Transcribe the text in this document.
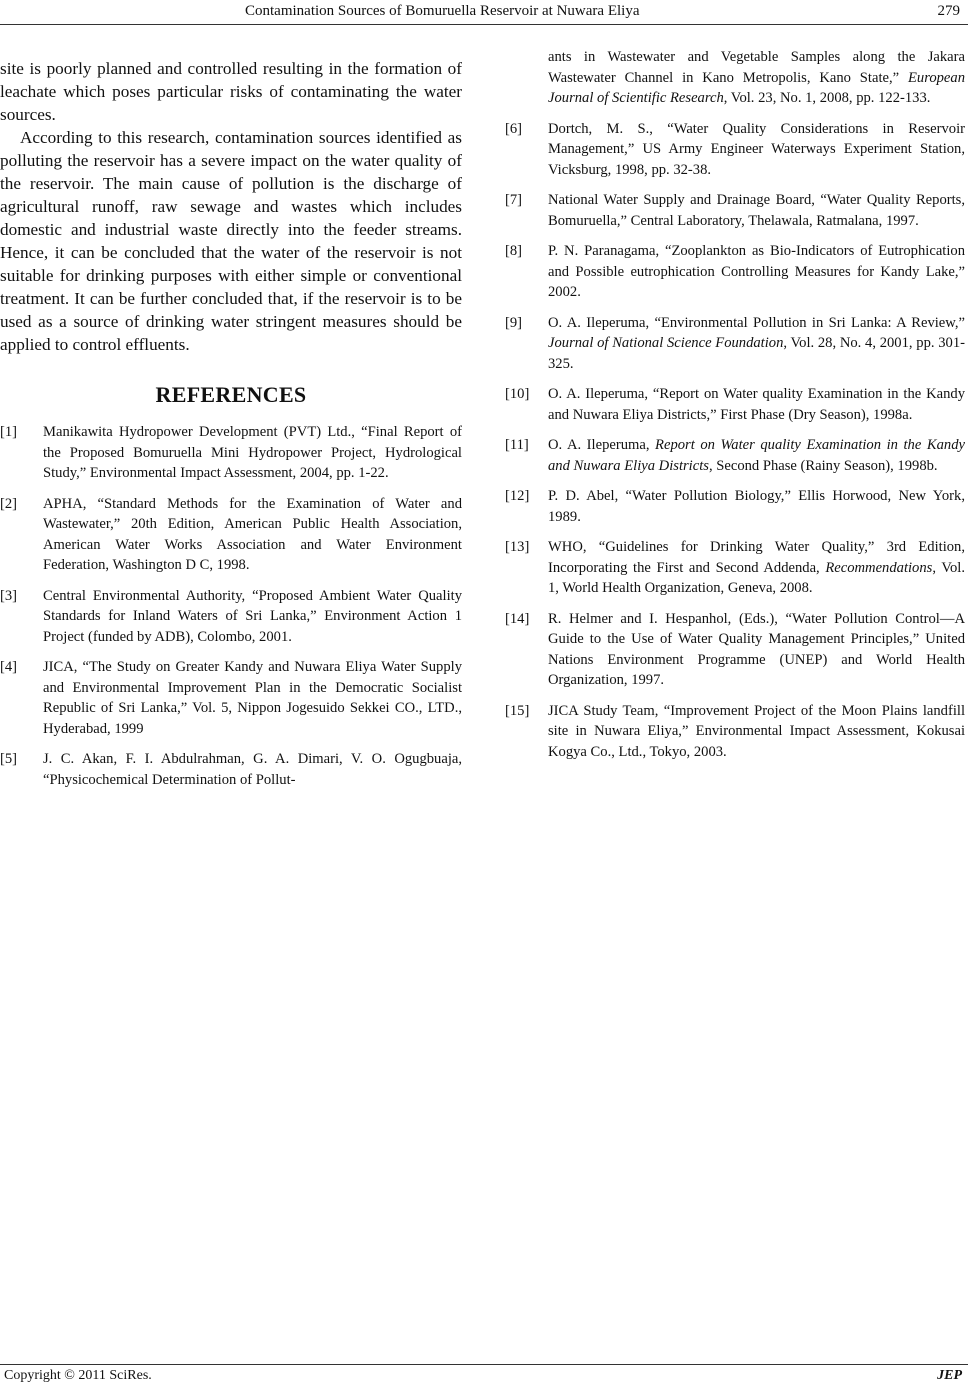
Contamination Sources of Bomuruella Reservoir at Nuwara Eliya	279

site is poorly planned and controlled resulting in the formation of leachate which poses particular risks of contaminating the water sources.

According to this research, contamination sources identified as polluting the reservoir has a severe impact on the water quality of the reservoir. The main cause of pollution is the discharge of agricultural runoff, raw sewage and wastes which includes domestic and industrial waste directly into the feeder streams. Hence, it can be concluded that the water of the reservoir is not suitable for drinking purposes with either simple or conventional treatment. It can be further concluded that, if the reservoir is to be used as a source of drinking water stringent measures should be applied to control effluents.

REFERENCES
[1]	Manikawita Hydropower Development (PVT) Ltd., “Final Report of the Proposed Bomuruella Mini Hydropower Project, Hydrological Study,” Environmental Impact Assessment, 2004, pp. 1-22.
[2]	APHA, “Standard Methods for the Examination of Water and Wastewater,” 20th Edition, American Public Health Association, American Water Works Association and Water Environment Federation, Washington D C, 1998.
[3]	Central Environmental Authority, “Proposed Ambient Water Quality Standards for Inland Waters of Sri Lanka,” Environment Action 1 Project (funded by ADB), Colombo, 2001.
[4]	JICA, “The Study on Greater Kandy and Nuwara Eliya Water Supply and Environmental Improvement Plan in the Democratic Socialist Republic of Sri Lanka,” Vol. 5, Nippon Jogesuido Sekkei CO., LTD., Hyderabad, 1999
[5]	J. C. Akan, F. I. Abdulrahman, G. A. Dimari, V. O. Ogugbuaja, “Physicochemical Determination of Pollut-
ants in Wastewater and Vegetable Samples along the Jakara Wastewater Channel in Kano Metropolis, Kano State,” European Journal of Scientific Research, Vol. 23, No. 1, 2008, pp. 122-133.
[6]	Dortch, M. S., “Water Quality Considerations in Reservoir Management,” US Army Engineer Waterways Experiment Station, Vicksburg, 1998, pp. 32-38.
[7]	National Water Supply and Drainage Board, “Water Quality Reports, Bomuruella,” Central Laboratory, Thelawala, Ratmalana, 1997.
[8]	P. N. Paranagama, “Zooplankton as Bio-Indicators of Eutrophication and Possible eutrophication Controlling Measures for Kandy Lake,” 2002.
[9]	O. A. Ileperuma, “Environmental Pollution in Sri Lanka: A Review,” Journal of National Science Foundation, Vol. 28, No. 4, 2001, pp. 301-325.
[10]	O. A. Ileperuma, “Report on Water quality Examination in the Kandy and Nuwara Eliya Districts,” First Phase (Dry Season), 1998a.
[11]	O. A. Ileperuma, Report on Water quality Examination in the Kandy and Nuwara Eliya Districts, Second Phase (Rainy Season), 1998b.
[12]	P. D. Abel, “Water Pollution Biology,” Ellis Horwood, New York, 1989.
[13]	WHO, “Guidelines for Drinking Water Quality,” 3rd Edition, Incorporating the First and Second Addenda, Recommendations, Vol. 1, World Health Organization, Geneva, 2008.
[14]	R. Helmer and I. Hespanhol, (Eds.), “Water Pollution Control—A Guide to the Use of Water Quality Management Principles,” United Nations Environment Programme (UNEP) and World Health Organization, 1997.
[15]	JICA Study Team, “Improvement Project of the Moon Plains landfill site in Nuwara Eliya,” Environmental Impact Assessment, Kokusai Kogya Co., Ltd., Tokyo, 2003.
Copyright © 2011 SciRes.	JEP
